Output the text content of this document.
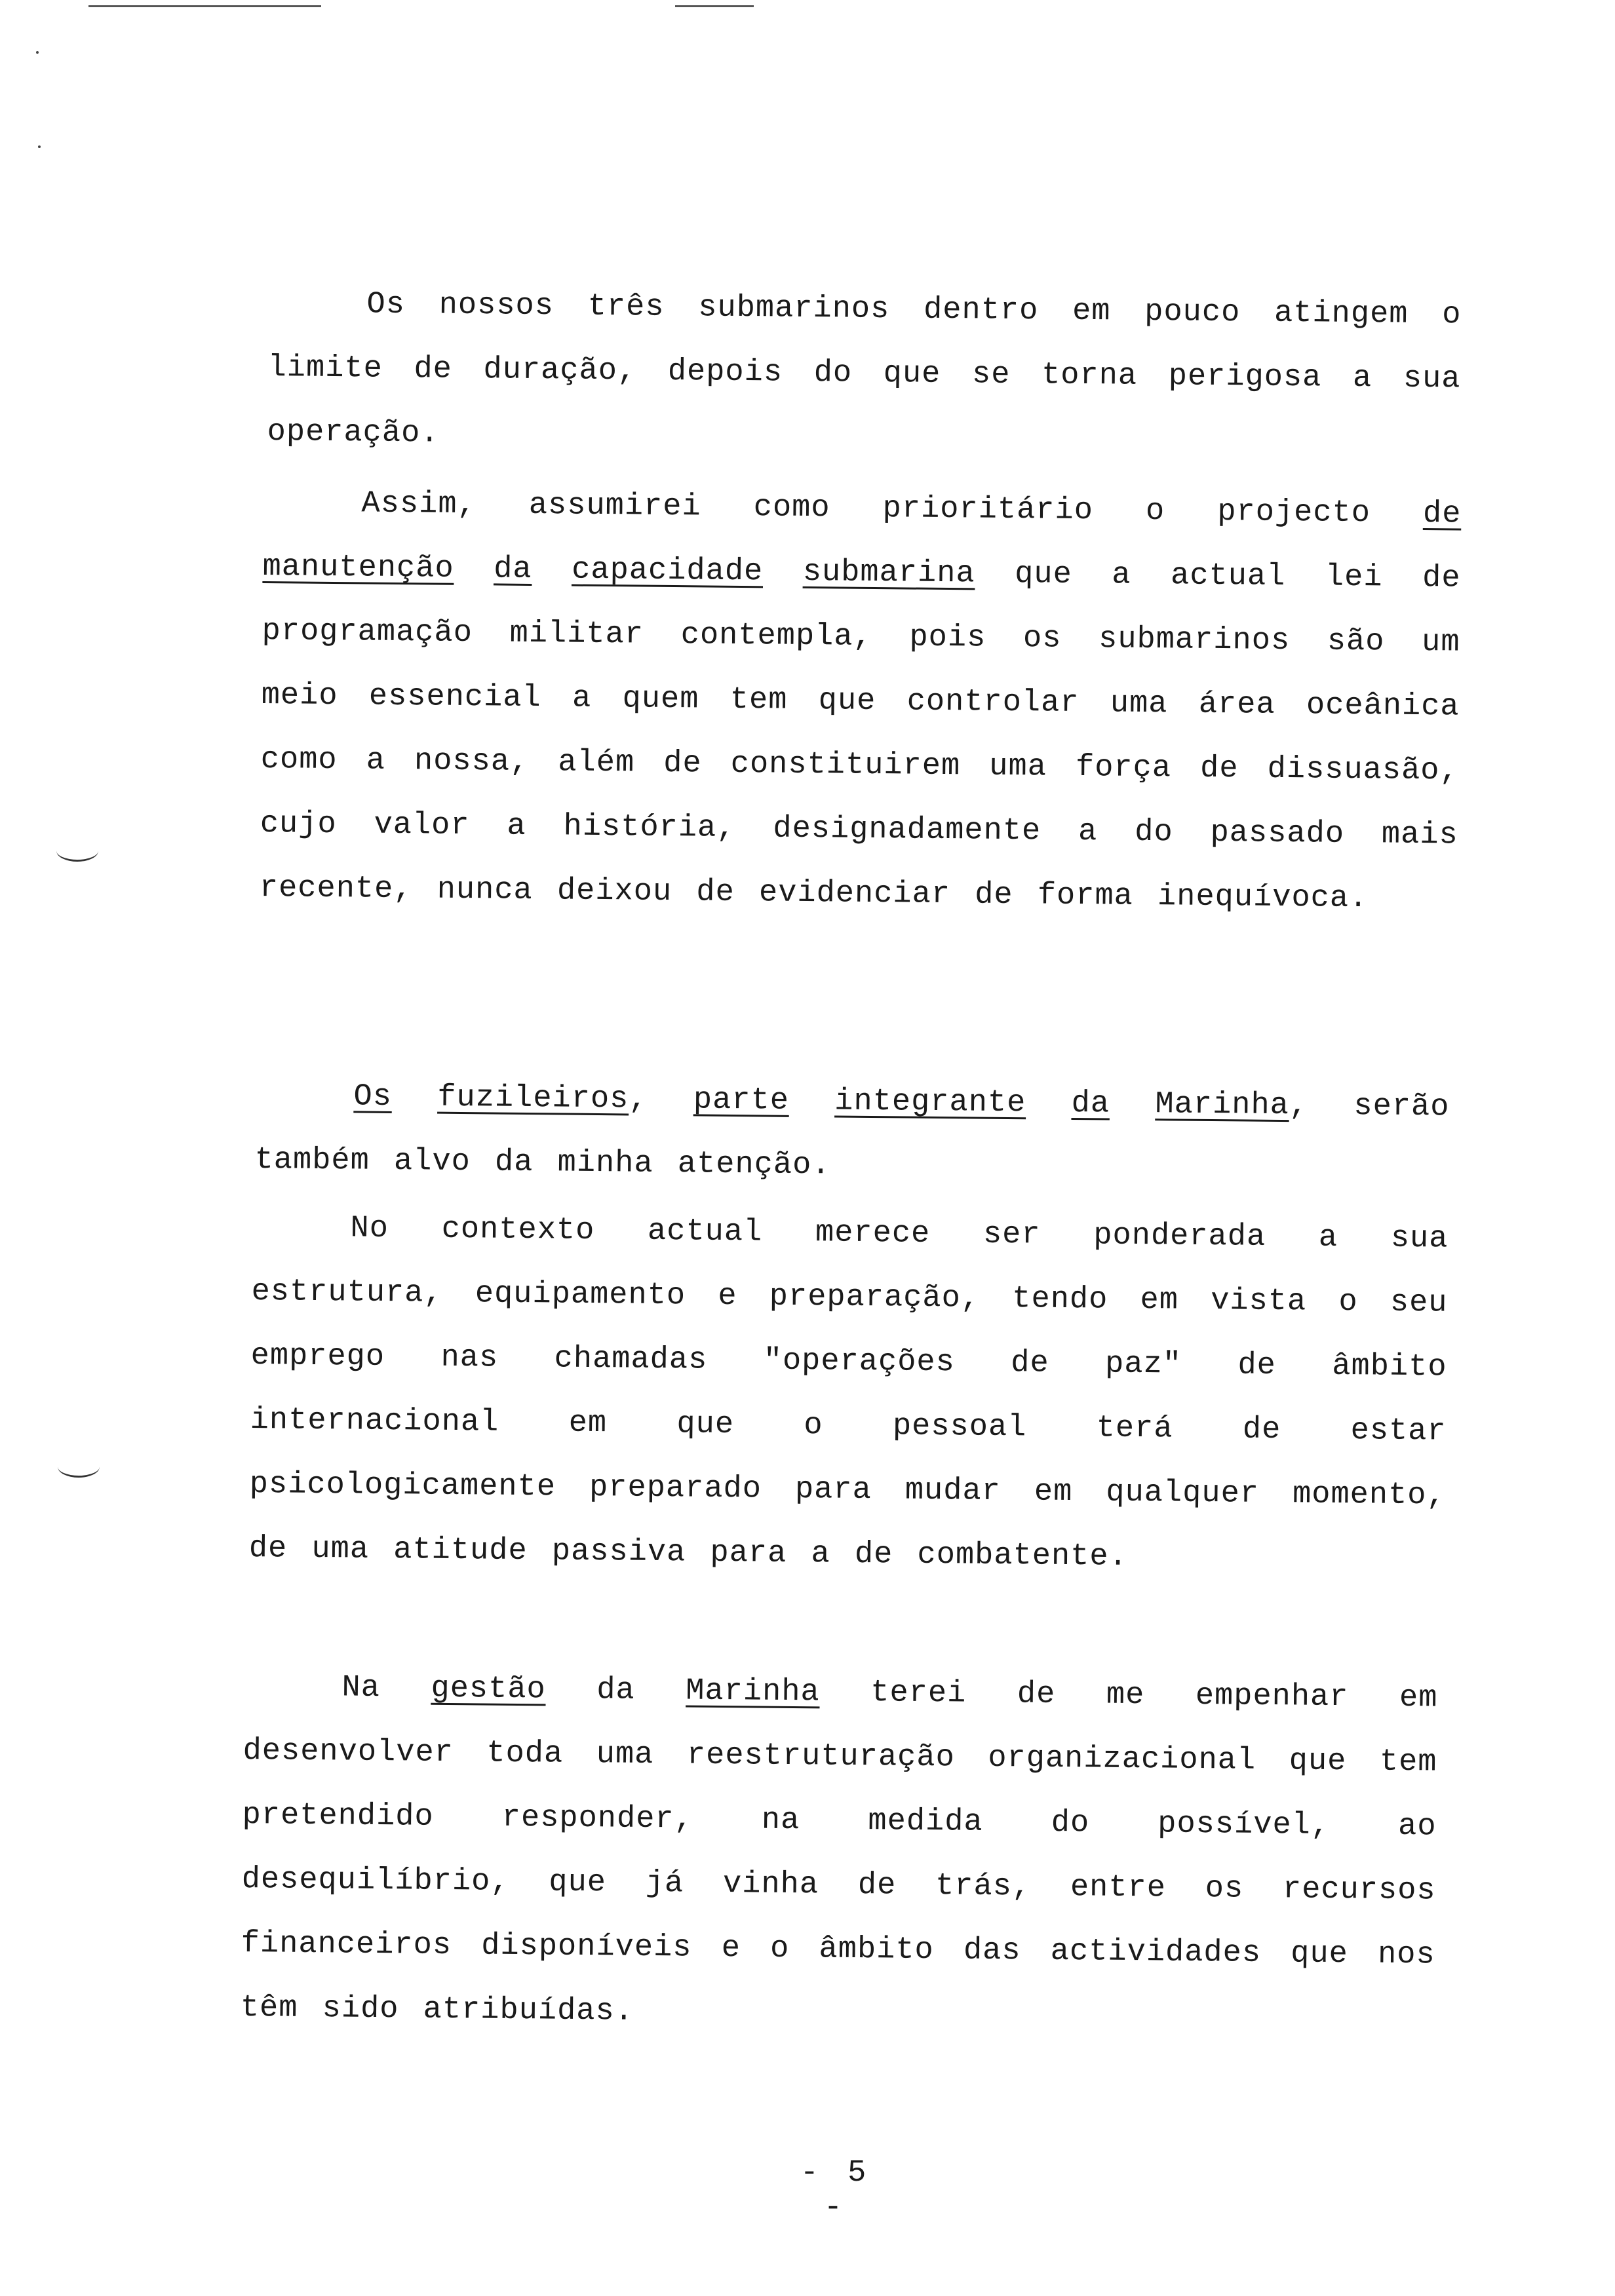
Os nossos três submarinos dentro em pouco atingem o limite de duração, depois do que se torna perigosa a sua operação.

Assim, assumirei como prioritário o projecto de manutenção da capacidade submarina que a actual lei de programação militar contempla, pois os submarinos são um meio essencial a quem tem que controlar uma área oceânica como a nossa, além de constituirem uma força de dissuasão, cujo valor a história, designadamente a do passado mais recente, nunca deixou de evidenciar de forma inequívoca.

Os fuzileiros, parte integrante da Marinha, serão também alvo da minha atenção.

No contexto actual merece ser ponderada a sua estrutura, equipamento e preparação, tendo em vista o seu emprego nas chamadas "operações de paz" de âmbito internacional em que o pessoal terá de estar psicologicamente preparado para mudar em qualquer momento, de uma atitude passiva para a de combatente.

Na gestão da Marinha terei de me empenhar em desenvolver toda uma reestruturação organizacional que tem pretendido responder, na medida do possível, ao desequilíbrio, que já vinha de trás, entre os recursos financeiros disponíveis e o âmbito das actividades que nos têm sido atribuídas.

- 5 -
